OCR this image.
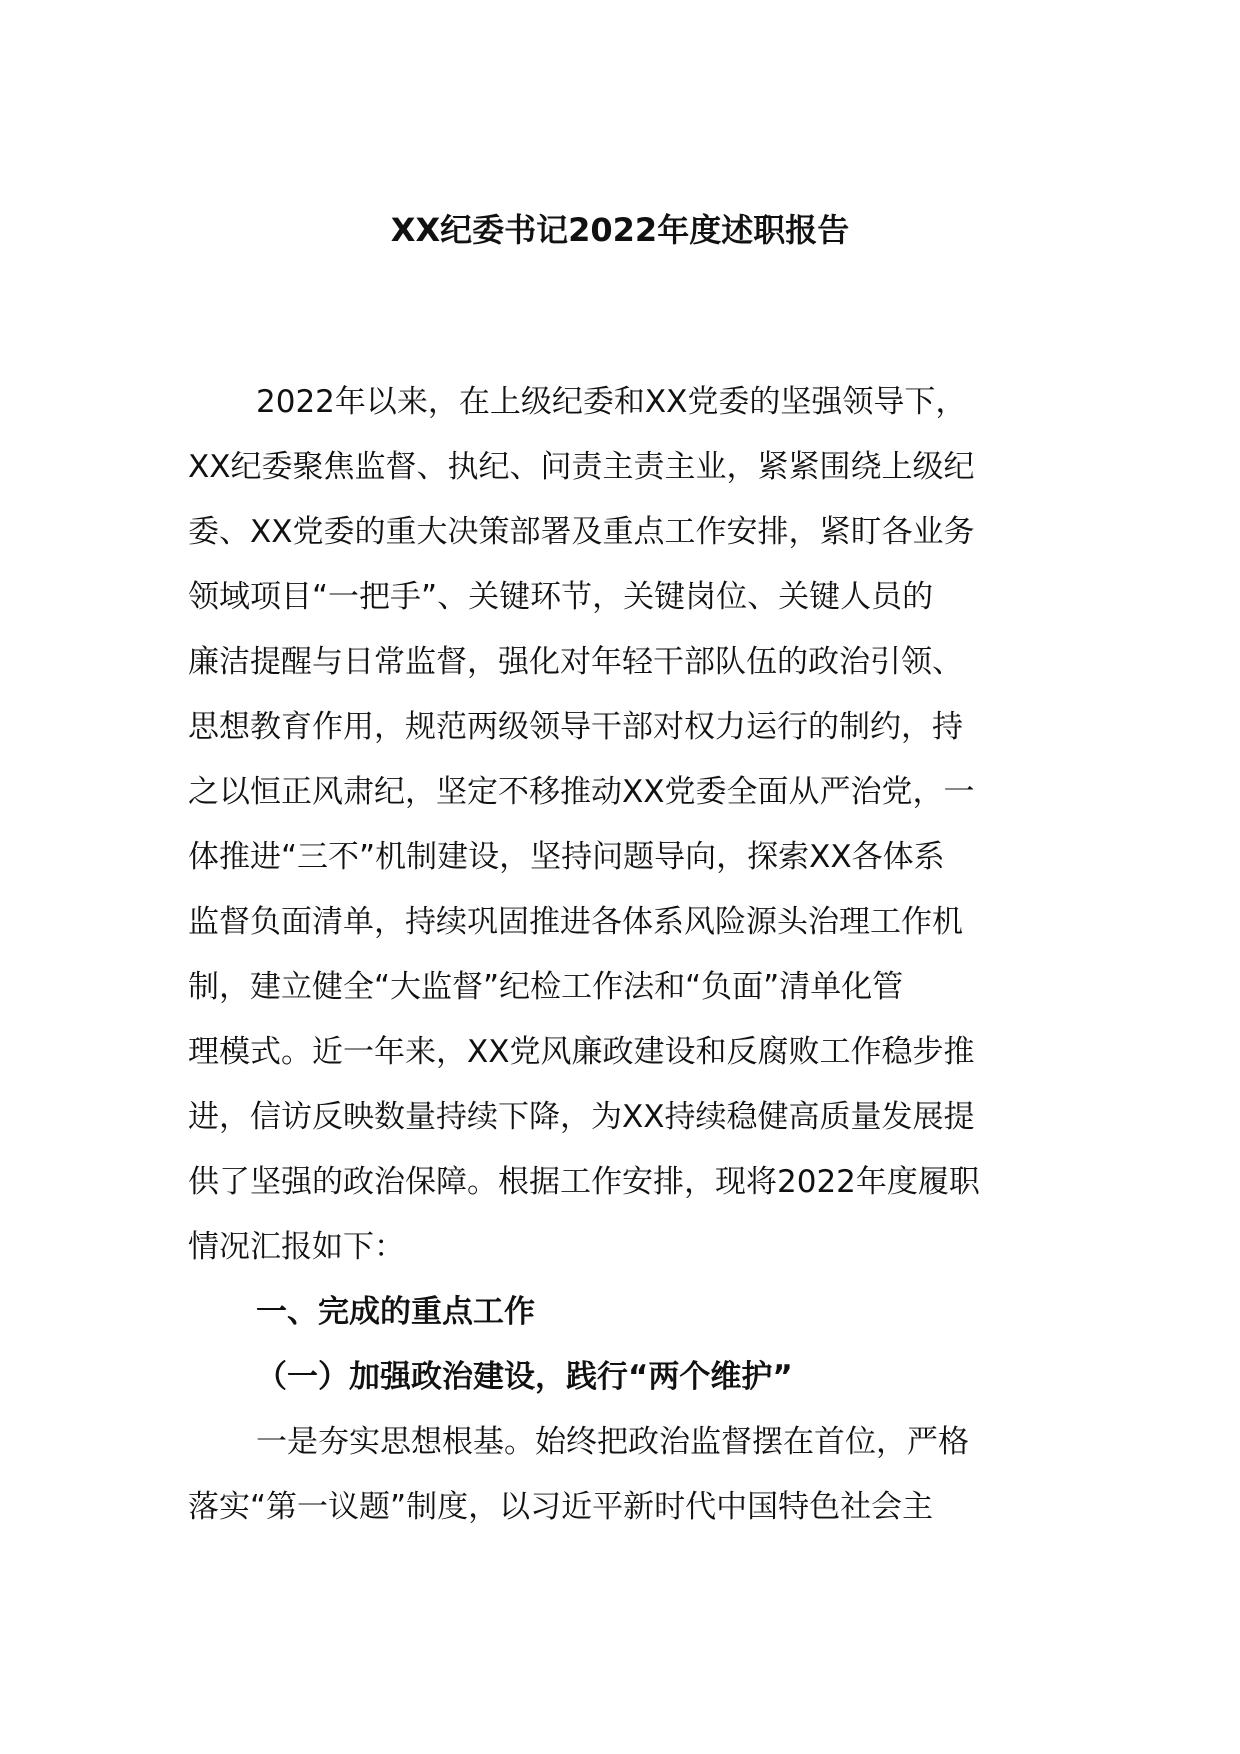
XX纪委书记2022年度述职报告
2022年以来，在上级纪委和XX党委的坚强领导下，
XX纪委聚焦监督、执纪、问责主责主业，紧紧围绕上级纪
委、XX党委的重大决策部署及重点工作安排，紧盯各业务
领域项目“一把手”、关键环节，关键岗位、关键人员的
廉洁提醒与日常监督，强化对年轻干部队伍的政治引领、
思想教育作用，规范两级领导干部对权力运行的制约，持
之以恒正风肃纪，坚定不移推动XX党委全面从严治党，一
体推进“三不”机制建设，坚持问题导向，探索XX各体系
监督负面清单，持续巩固推进各体系风险源头治理工作机
制，建立健全“大监督”纪检工作法和“负面”清单化管
理模式。近一年来，XX党风廉政建设和反腐败工作稳步推
进，信访反映数量持续下降，为XX持续稳健高质量发展提
供了坚强的政治保障。根据工作安排，现将2022年度履职
情况汇报如下：
一、完成的重点工作
（一）加强政治建设，践行“两个维护”
一是夯实思想根基。始终把政治监督摆在首位，严格
落实“第一议题”制度，以习近平新时代中国特色社会主
